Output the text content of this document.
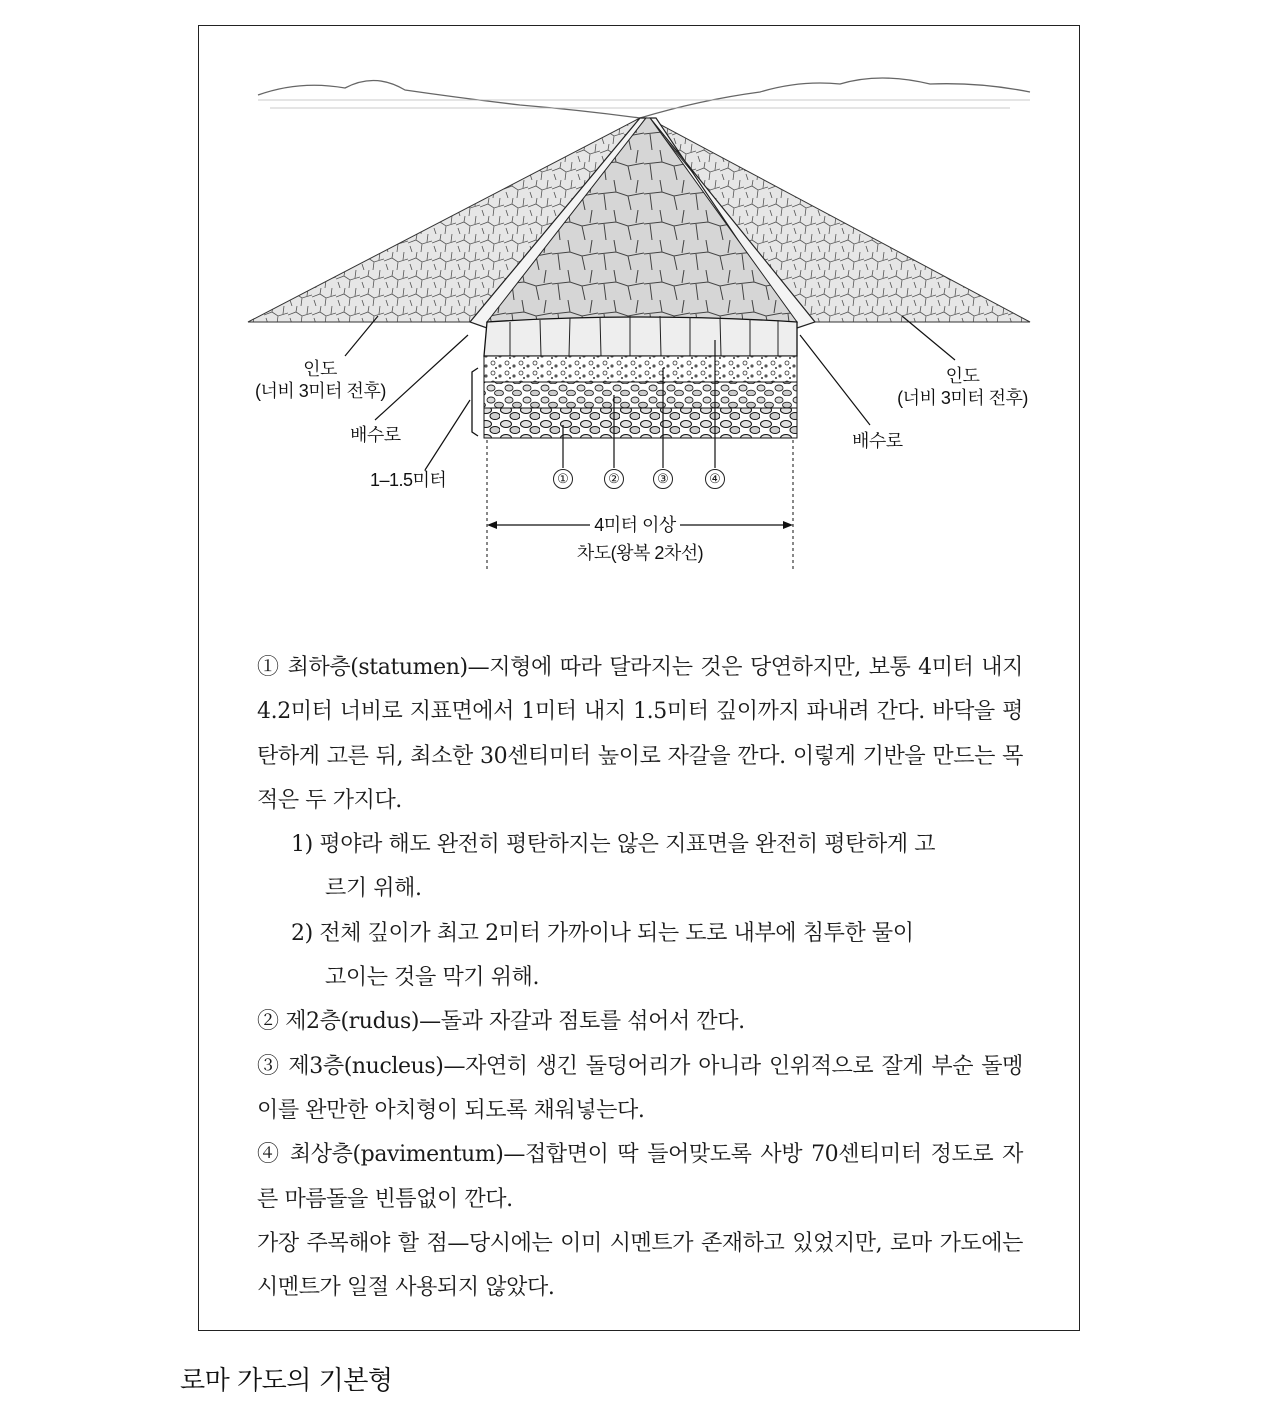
인도
(너비 3미터 전후)
인도
(너비 3미터 전후)
배수로	배수로
1–1.5미터	①	②	③	④
4미터 이상
차도(왕복 2차선)

① 최하층(statumen)—지형에 따라 달라지는 것은 당연하지만, 보통 4미터 내지 4.2미터 너비로 지표면에서 1미터 내지 1.5미터 깊이까지 파내려 간다. 바닥을 평탄하게 고른 뒤, 최소한 30센티미터 높이로 자갈을 깐다. 이렇게 기반을 만드는 목적은 두 가지다.

1) 평야라 해도 완전히 평탄하지는 않은 지표면을 완전히 평탄하게 고
르기 위해.

2) 전체 깊이가 최고 2미터 가까이나 되는 도로 내부에 침투한 물이
고이는 것을 막기 위해.

② 제2층(rudus)—돌과 자갈과 점토를 섞어서 깐다.

③ 제3층(nucleus)—자연히 생긴 돌덩어리가 아니라 인위적으로 잘게 부순 돌멩이를 완만한 아치형이 되도록 채워넣는다.

④ 최상층(pavimentum)—접합면이 딱 들어맞도록 사방 70센티미터 정도로 자른 마름돌을 빈틈없이 깐다.

가장 주목해야 할 점—당시에는 이미 시멘트가 존재하고 있었지만, 로마 가도에는 시멘트가 일절 사용되지 않았다.

로마 가도의 기본형
